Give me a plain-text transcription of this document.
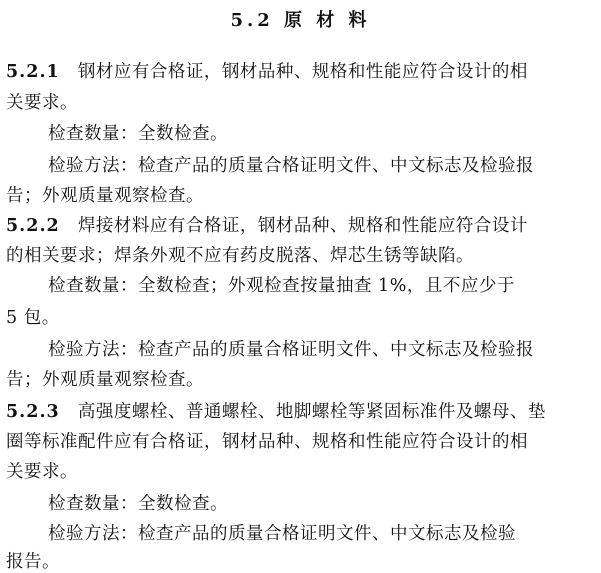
5.2 原 材 料
5.2.1 钢材应有合格证，钢材品种、规格和性能应符合设计的相
关要求。
检查数量：全数检查。
检验方法：检查产品的质量合格证明文件、中文标志及检验报
告；外观质量观察检查。
5.2.2 焊接材料应有合格证，钢材品种、规格和性能应符合设计
的相关要求；焊条外观不应有药皮脱落、焊芯生锈等缺陷。
检查数量：全数检查；外观检查按量抽查 1%，且不应少于
5 包。
检验方法：检查产品的质量合格证明文件、中文标志及检验报
告；外观质量观察检查。
5.2.3 高强度螺栓、普通螺栓、地脚螺栓等紧固标准件及螺母、垫
圈等标准配件应有合格证，钢材品种、规格和性能应符合设计的相
关要求。
检查数量：全数检查。
检验方法：检查产品的质量合格证明文件、中文标志及检验
报告。
